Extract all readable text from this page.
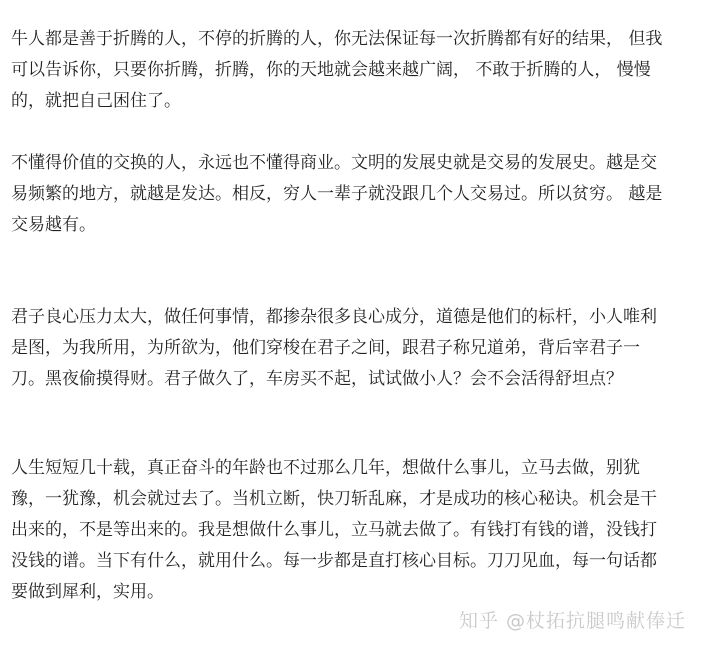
牛人都是善于折腾的人，不停的折腾的人，你无法保证每一次折腾都有好的结果， 但我
可以告诉你，只要你折腾，折腾，你的天地就会越来越广阔， 不敢于折腾的人， 慢慢
的，就把自己困住了。

不懂得价值的交换的人，永远也不懂得商业。文明的发展史就是交易的发展史。越是交
易频繁的地方，就越是发达。相反，穷人一辈子就没跟几个人交易过。所以贫穷。 越是
交易越有。

君子良心压力太大，做任何事情，都掺杂很多良心成分，道德是他们的标杆，小人唯利
是图，为我所用，为所欲为，他们穿梭在君子之间，跟君子称兄道弟，背后宰君子一
刀。黑夜偷摸得财。君子做久了，车房买不起，试试做小人？会不会活得舒坦点？

人生短短几十载，真正奋斗的年龄也不过那么几年，想做什么事儿，立马去做，别犹
豫，一犹豫，机会就过去了。当机立断，快刀斩乱麻，才是成功的核心秘诀。机会是干
出来的，不是等出来的。我是想做什么事儿，立马就去做了。有钱打有钱的谱，没钱打
没钱的谱。当下有什么，就用什么。每一步都是直打核心目标。刀刀见血，每一句话都
要做到犀利，实用。

知乎 @杖拓抗腿鸣献俸迁
